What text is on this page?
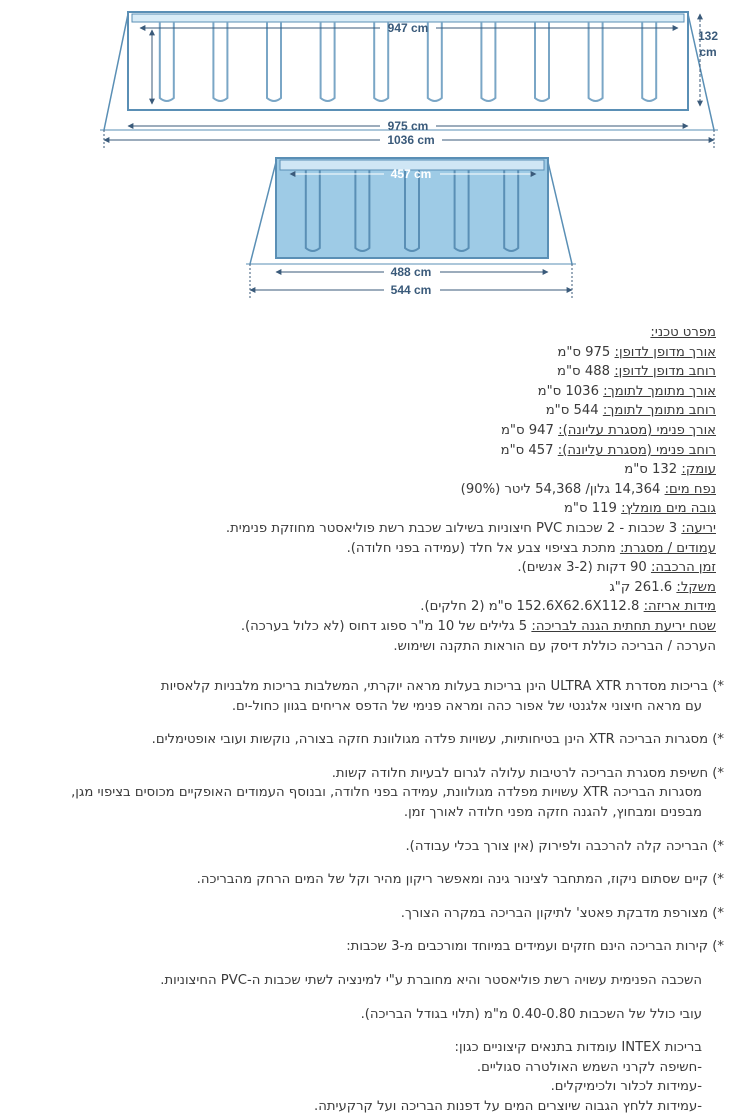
947 cm
132
cm
975 cm
1036 cm
457 cm
488 cm
544 cm
מפרט טכני:
אורך מדופן לדופן: 975 ס"מ
רוחב מדופן לדופן: 488 ס"מ
אורך מתומך לתומך: 1036 ס"מ
רוחב מתומך לתומך: 544 ס"מ
אורך פנימי (מסגרת עליונה): 947 ס"מ
רוחב פנימי (מסגרת עליונה): 457 ס"מ
עומק: 132 ס"מ
נפח מים: 14,364 גלון/ 54,368 ליטר (90%)
גובה מים מומלץ: 119 ס"מ
יריעה: 3 שכבות - 2 שכבות PVC חיצוניות בשילוב שכבת רשת פוליאסטר מחוזקת פנימית.
עמודים / מסגרת: מתכת בציפוי צבע אל חלד (עמידה בפני חלודה).
זמן הרכבה: 90 דקות (3-2 אנשים).
משקל: 261.6 ק"ג
מידות אריזה: 152.6X62.6X112.8 ס"מ (2 חלקים).
שטח יריעת תחתית הגנה לבריכה: 5 גלילים של 10 מ"ר ספוג דחוס (לא כלול בערכה).
הערכה / הבריכה כוללת דיסק עם הוראות התקנה ושימוש.
*) בריכות מסדרת ULTRA XTR הינן בריכות בעלות מראה יוקרתי, המשלבות בריכות מלבניות קלאסיות
עם מראה חיצוני אלגנטי של אפור כהה ומראה פנימי של הדפס אריחים בגוון כחול-ים.
*) מסגרות הבריכה XTR הינן בטיחותיות, עשויות פלדה מגולוונת חזקה בצורה, נוקשות ועובי אופטימלים.
*) חשיפת מסגרת הבריכה לרטיבות עלולה לגרום לבעיות חלודה קשות.
מסגרות הבריכה XTR עשויות מפלדה מגולוונת, עמידה בפני חלודה, ובנוסף העמודים האופקיים מכוסים בציפוי מגן,
מבפנים ומבחוץ, להגנה חזקה מפני חלודה לאורך זמן.
*) הבריכה קלה להרכבה ולפירוק (אין צורך בכלי עבודה).
*) קיים שסתום ניקוז, המתחבר לצינור גינה ומאפשר ריקון מהיר וקל של המים הרחק מהבריכה.
*) מצורפת מדבקת פאטצ' לתיקון הבריכה במקרה הצורך.
*) קירות הבריכה הינם חזקים ועמידים במיוחד ומורכבים מ-3 שכבות:
השכבה הפנימית עשויה רשת פוליאסטר והיא מחוברת ע"י למינציה לשתי שכבות ה-PVC החיצוניות.
עובי כולל של השכבות 0.40-0.80 מ"מ (תלוי בגודל הבריכה).
בריכות INTEX עומדות בתנאים קיצוניים כגון:
-חשיפה לקרני השמש האולטרה סגוליים.
-עמידות לכלור ולכימיקלים.
-עמידות ללחץ הגבוה שיוצרים המים על דפנות הבריכה ועל קרקעיתה.
